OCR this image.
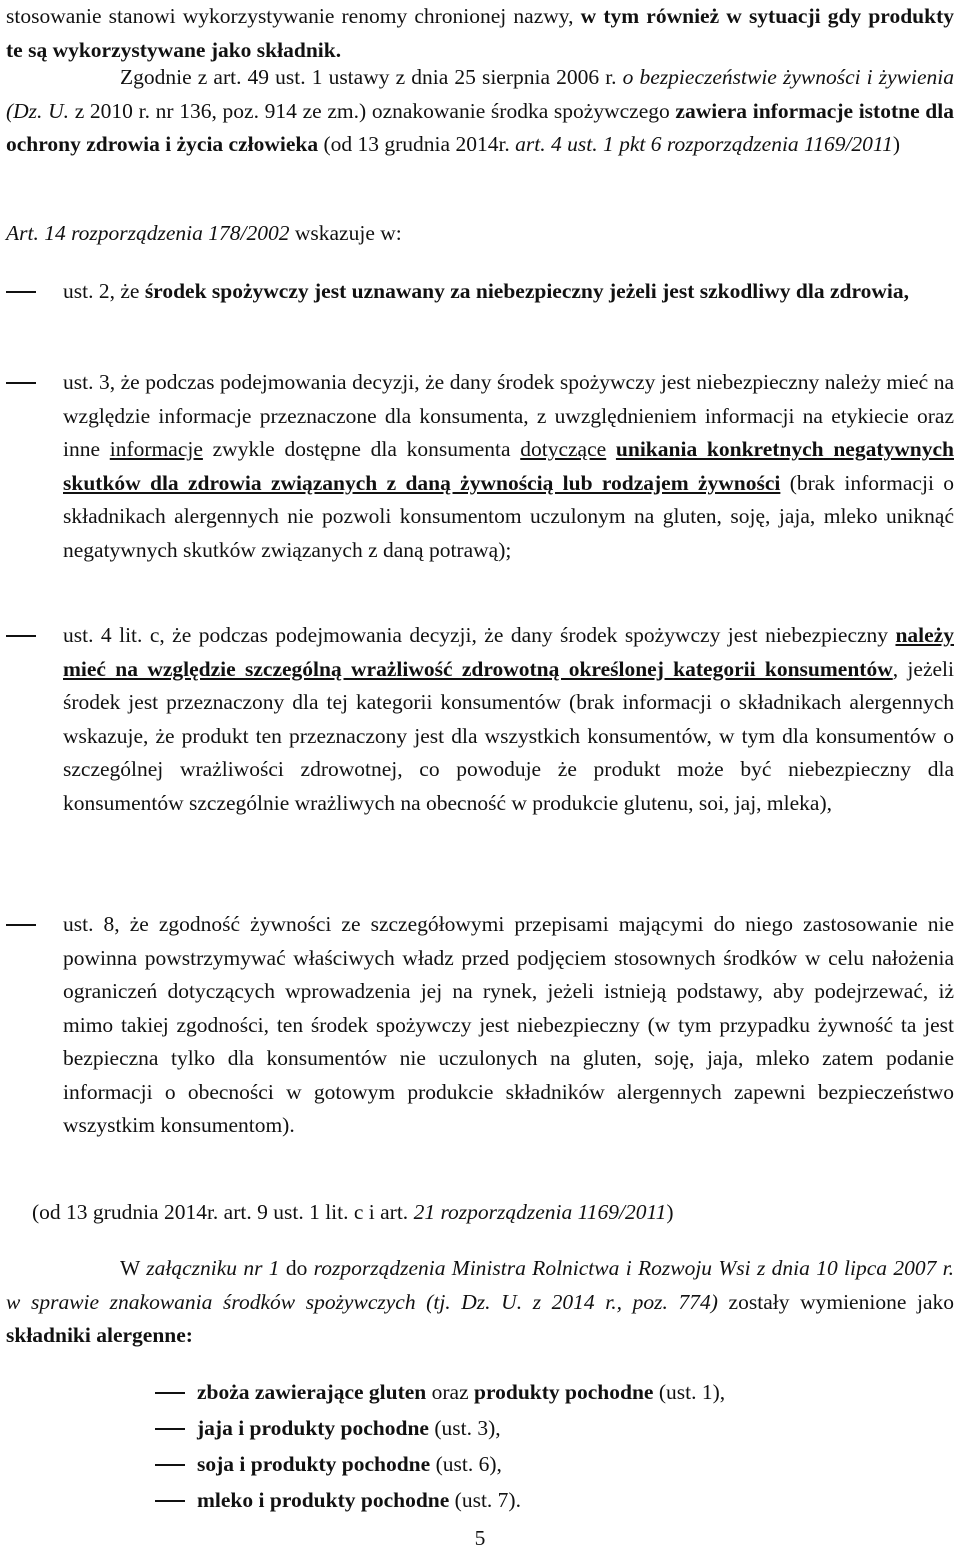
stosowanie stanowi wykorzystywanie renomy chronionej nazwy, w tym również w sytuacji gdy produkty te są wykorzystywane jako składnik.

Zgodnie z art. 49 ust. 1 ustawy z dnia 25 sierpnia 2006 r. o bezpieczeństwie żywności i żywienia (Dz. U. z 2010 r. nr 136, poz. 914 ze zm.) oznakowanie środka spożywczego zawiera informacje istotne dla ochrony zdrowia i życia człowieka (od 13 grudnia 2014r. art. 4 ust. 1 pkt 6 rozporządzenia 1169/2011)

Art. 14 rozporządzenia 178/2002 wskazuje w:

ust. 2, że środek spożywczy jest uznawany za niebezpieczny jeżeli jest szkodliwy dla zdrowia,

ust. 3, że podczas podejmowania decyzji, że dany środek spożywczy jest niebezpieczny należy mieć na względzie informacje przeznaczone dla konsumenta, z uwzględnieniem informacji na etykiecie oraz inne informacje zwykle dostępne dla konsumenta dotyczące unikania konkretnych negatywnych skutków dla zdrowia związanych z daną żywnością lub rodzajem żywności (brak informacji o składnikach alergennych nie pozwoli konsumentom uczulonym na gluten, soję, jaja, mleko uniknąć negatywnych skutków związanych z daną potrawą);

ust. 4 lit. c, że podczas podejmowania decyzji, że dany środek spożywczy jest niebezpieczny należy mieć na względzie szczególną wrażliwość zdrowotną określonej kategorii konsumentów, jeżeli środek jest przeznaczony dla tej kategorii konsumentów (brak informacji o składnikach alergennych wskazuje, że produkt ten przeznaczony jest dla wszystkich konsumentów, w tym dla konsumentów o szczególnej wrażliwości zdrowotnej, co powoduje że produkt może być niebezpieczny dla konsumentów szczególnie wrażliwych na obecność w produkcie glutenu, soi, jaj, mleka),

ust. 8, że zgodność żywności ze szczegółowymi przepisami mającymi do niego zastosowanie nie powinna powstrzymywać właściwych władz przed podjęciem stosownych środków w celu nałożenia ograniczeń dotyczących wprowadzenia jej na rynek, jeżeli istnieją podstawy, aby podejrzewać, iż mimo takiej zgodności, ten środek spożywczy jest niebezpieczny (w tym przypadku żywność ta jest bezpieczna tylko dla konsumentów nie uczulonych na gluten, soję, jaja, mleko zatem podanie informacji o obecności w gotowym produkcie składników alergennych zapewni bezpieczeństwo wszystkim konsumentom).

(od 13 grudnia 2014r. art. 9 ust. 1 lit. c i art. 21 rozporządzenia 1169/2011)

W załączniku nr 1 do rozporządzenia Ministra Rolnictwa i Rozwoju Wsi z dnia 10 lipca 2007 r. w sprawie znakowania środków spożywczych (tj. Dz. U. z 2014 r., poz. 774) zostały wymienione jako składniki alergenne:

zboża zawierające gluten oraz produkty pochodne (ust. 1),

jaja i produkty pochodne (ust. 3),

soja i produkty pochodne (ust. 6),

mleko i produkty pochodne (ust. 7).

5
